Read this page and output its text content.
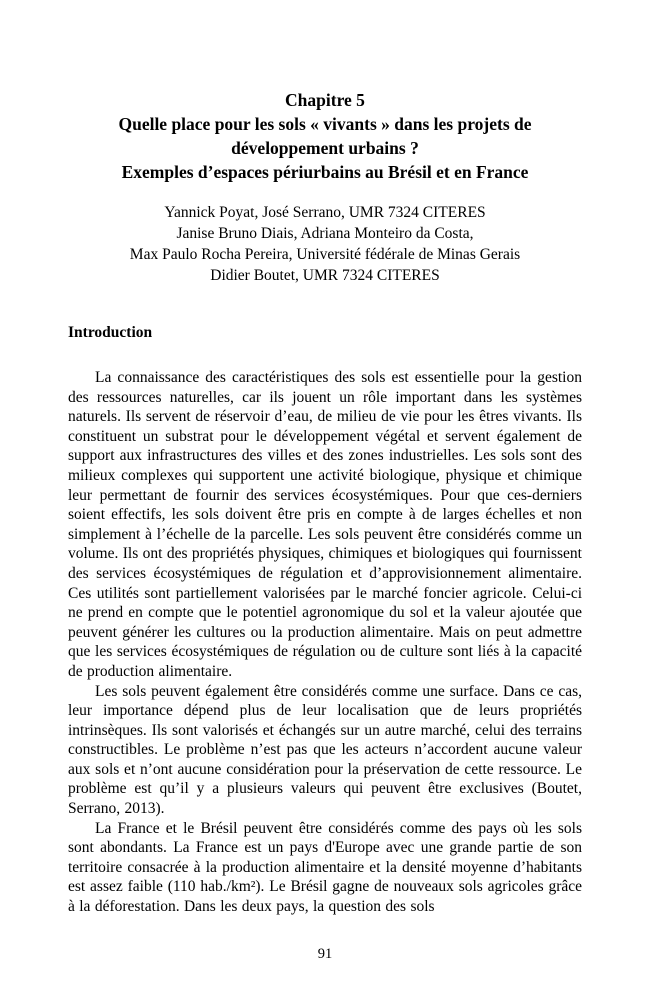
Chapitre 5
Quelle place pour les sols « vivants » dans les projets de développement urbains ?
Exemples d’espaces périurbains au Brésil et en France
Yannick Poyat, José Serrano, UMR 7324 CITERES
Janise Bruno Diais, Adriana Monteiro da Costa,
Max Paulo Rocha Pereira, Université fédérale de Minas Gerais
Didier Boutet, UMR 7324 CITERES
Introduction

La connaissance des caractéristiques des sols est essentielle pour la gestion des ressources naturelles, car ils jouent un rôle important dans les systèmes naturels. Ils servent de réservoir d’eau, de milieu de vie pour les êtres vivants. Ils constituent un substrat pour le développement végétal et servent également de support aux infrastructures des villes et des zones industrielles. Les sols sont des milieux complexes qui supportent une activité biologique, physique et chimique leur permettant de fournir des services écosystémiques. Pour que ces-derniers soient effectifs, les sols doivent être pris en compte à de larges échelles et non simplement à l’échelle de la parcelle. Les sols peuvent être considérés comme un volume. Ils ont des propriétés physiques, chimiques et biologiques qui fournissent des services écosystémiques de régulation et d’approvisionnement alimentaire. Ces utilités sont partiellement valorisées par le marché foncier agricole. Celui-ci ne prend en compte que le potentiel agronomique du sol et la valeur ajoutée que peuvent générer les cultures ou la production alimentaire. Mais on peut admettre que les services écosystémiques de régulation ou de culture sont liés à la capacité de production alimentaire.

Les sols peuvent également être considérés comme une surface. Dans ce cas, leur importance dépend plus de leur localisation que de leurs propriétés intrinsèques. Ils sont valorisés et échangés sur un autre marché, celui des terrains constructibles. Le problème n’est pas que les acteurs n’accordent aucune valeur aux sols et n’ont aucune considération pour la préservation de cette ressource. Le problème est qu’il y a plusieurs valeurs qui peuvent être exclusives (Boutet, Serrano, 2013).

La France et le Brésil peuvent être considérés comme des pays où les sols sont abondants. La France est un pays d'Europe avec une grande partie de son territoire consacrée à la production alimentaire et la densité moyenne d’habitants est assez faible (110 hab./km²). Le Brésil gagne de nouveaux sols agricoles grâce à la déforestation. Dans les deux pays, la question des sols

91
